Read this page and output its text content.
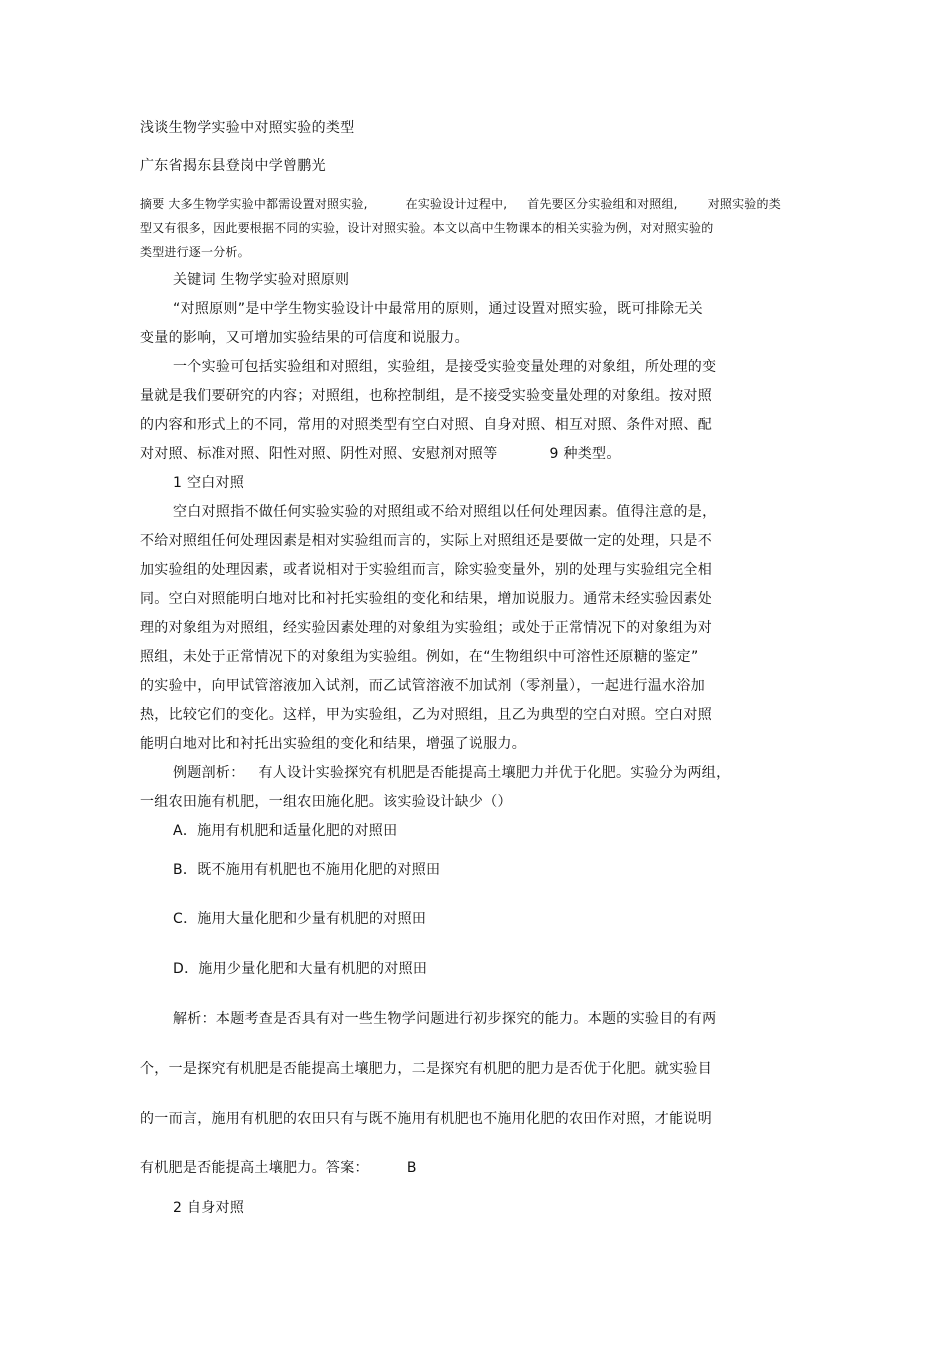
浅谈生物学实验中对照实验的类型
广东省揭东县登岗中学曾鹏光
摘要 大多生物学实验中都需设置对照实验,	在实验设计过程中, 首先要区分实验组和对照组,	对照实验的类
型又有很多，因此要根据不同的实验，设计对照实验。本文以高中生物课本的相关实验为例，对对照实验的
类型进行逐一分析。
关键词 生物学实验对照原则
“对照原则”是中学生物实验设计中最常用的原则，通过设置对照实验，既可排除无关
变量的影响，又可增加实验结果的可信度和说服力。
一个实验可包括实验组和对照组，实验组，是接受实验变量处理的对象组，所处理的变
量就是我们要研究的内容；对照组，也称控制组，是不接受实验变量处理的对象组。按对照
的内容和形式上的不同，常用的对照类型有空白对照、自身对照、相互对照、条件对照、配
对对照、标准对照、阳性对照、阴性对照、安慰剂对照等	9 种类型。
1 空白对照
空白对照指不做任何实验实验的对照组或不给对照组以任何处理因素。值得注意的是，
不给对照组任何处理因素是相对实验组而言的，实际上对照组还是要做一定的处理，只是不
加实验组的处理因素，或者说相对于实验组而言，除实验变量外，别的处理与实验组完全相
同。空白对照能明白地对比和衬托实验组的变化和结果，增加说服力。通常未经实验因素处
理的对象组为对照组，经实验因素处理的对象组为实验组；或处于正常情况下的对象组为对
照组，未处于正常情况下的对象组为实验组。例如，在“生物组织中可溶性还原糖的鉴定”
的实验中，向甲试管溶液加入试剂，而乙试管溶液不加试剂（零剂量），一起进行温水浴加
热，比较它们的变化。这样，甲为实验组，乙为对照组，且乙为典型的空白对照。空白对照
能明白地对比和衬托出实验组的变化和结果，增强了说服力。
例题剖析： 有人设计实验探究有机肥是否能提高土壤肥力并优于化肥。实验分为两组，
一组农田施有机肥，一组农田施化肥。该实验设计缺少（）
A．施用有机肥和适量化肥的对照田
B．既不施用有机肥也不施用化肥的对照田
C．施用大量化肥和少量有机肥的对照田
D．施用少量化肥和大量有机肥的对照田
解析：本题考查是否具有对一些生物学问题进行初步探究的能力。本题的实验目的有两
个，一是探究有机肥是否能提高土壤肥力，二是探究有机肥的肥力是否优于化肥。就实验目
的一而言，施用有机肥的农田只有与既不施用有机肥也不施用化肥的农田作对照，才能说明
有机肥是否能提高土壤肥力。答案：	B
2 自身对照
